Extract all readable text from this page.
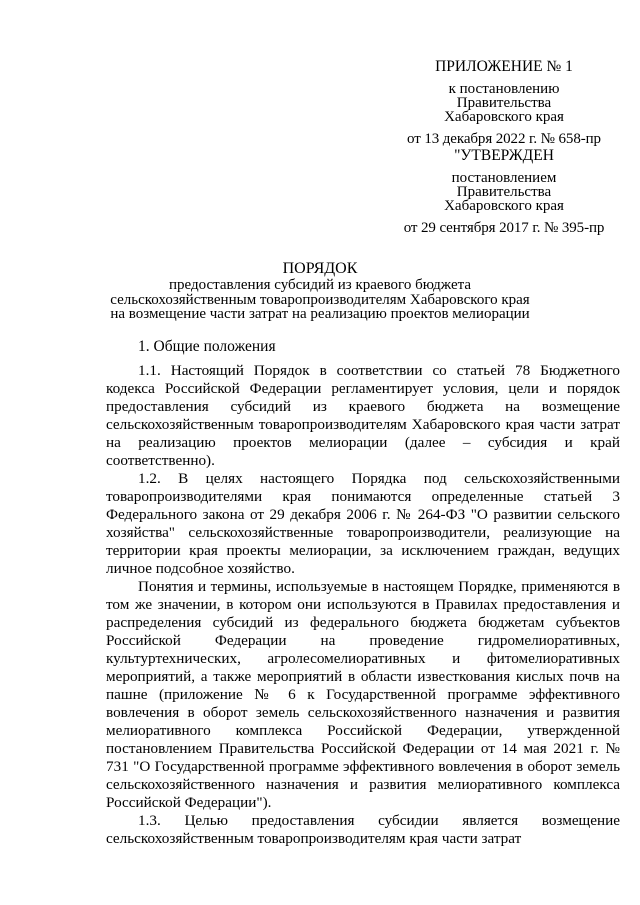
ПРИЛОЖЕНИЕ № 1
к постановлению
Правительства
Хабаровского края
от 13 декабря 2022 г. № 658-пр
"УТВЕРЖДЕН
постановлением
Правительства
Хабаровского края
от 29 сентября 2017 г. № 395-пр
ПОРЯДОК
предоставления субсидий из краевого бюджета
сельскохозяйственным товаропроизводителям Хабаровского края
на возмещение части затрат на реализацию проектов мелиорации
1. Общие положения

1.1. Настоящий Порядок в соответствии со статьей 78 Бюджетного кодекса Российской Федерации регламентирует условия, цели и порядок предоставления субсидий из краевого бюджета на возмещение сельскохозяйственным товаропроизводителям Хабаровского края части затрат на реализацию проектов мелиорации (далее – субсидия и край соответственно).

1.2. В целях настоящего Порядка под сельскохозяйственными товаропроизводителями края понимаются определенные статьей 3 Федерального закона от 29 декабря 2006 г. № 264-ФЗ "О развитии сельского хозяйства" сельскохозяйственные товаропроизводители, реализующие на территории края проекты мелиорации, за исключением граждан, ведущих личное подсобное хозяйство.

Понятия и термины, используемые в настоящем Порядке, применяются в том же значении, в котором они используются в Правилах предоставления и распределения субсидий из федерального бюджета бюджетам субъектов Российской Федерации на проведение гидромелиоративных, культуртехнических, агролесомелиоративных и фитомелиоративных мероприятий, а также мероприятий в области известкования кислых почв на пашне (приложение № 6 к Государственной программе эффективного вовлечения в оборот земель сельскохозяйственного назначения и развития мелиоративного комплекса Российской Федерации, утвержденной постановлением Правительства Российской Федерации от 14 мая 2021 г. № 731 "О Государственной программе эффективного вовлечения в оборот земель сельскохозяйственного назначения и развития мелиоративного комплекса Российской Федерации").

1.3. Целью предоставления субсидии является возмещение сельскохозяйственным товаропроизводителям края части затрат
